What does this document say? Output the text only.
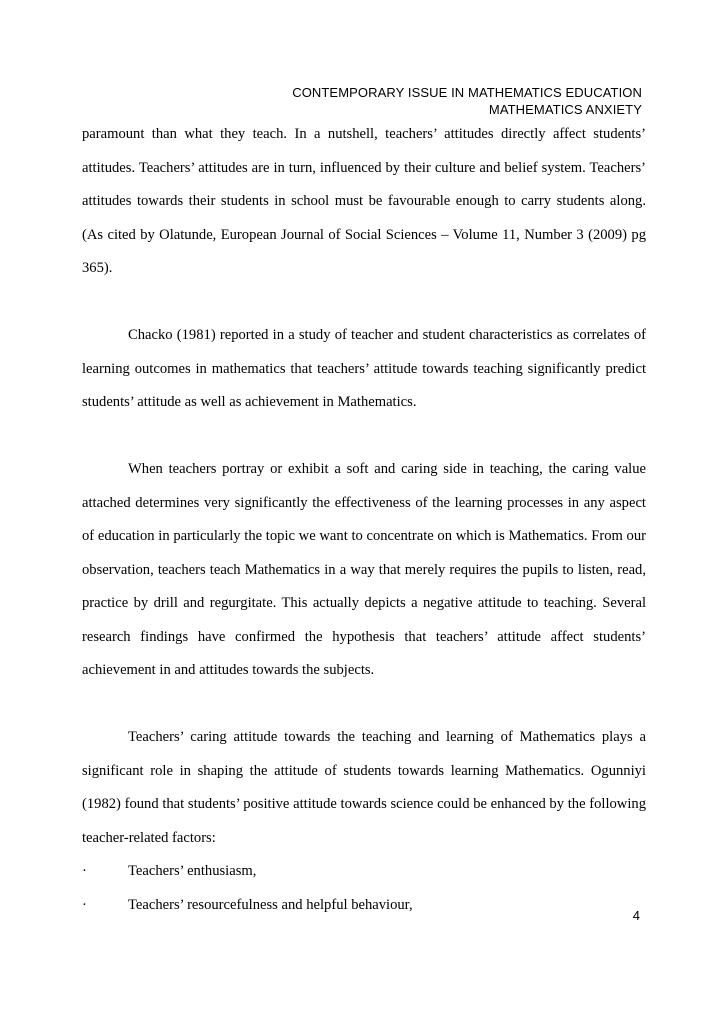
CONTEMPORARY ISSUE IN MATHEMATICS EDUCATION
MATHEMATICS ANXIETY

paramount than what they teach. In a nutshell, teachers’ attitudes directly affect students’ attitudes. Teachers’ attitudes are in turn, influenced by their culture and belief system. Teachers’ attitudes towards their students in school must be favourable enough to carry students along. (As cited by Olatunde, European Journal of Social Sciences – Volume 11, Number 3 (2009) pg 365).

Chacko (1981) reported in a study of teacher and student characteristics as correlates of learning outcomes in mathematics that teachers’ attitude towards teaching significantly predict students’ attitude as well as achievement in Mathematics.

When teachers portray or exhibit a soft and caring side in teaching, the caring value attached determines very significantly the effectiveness of the learning processes in any aspect of education in particularly the topic we want to concentrate on which is Mathematics. From our observation, teachers teach Mathematics in a way that merely requires the pupils to listen, read, practice by drill and regurgitate. This actually depicts a negative attitude to teaching. Several research findings have confirmed the hypothesis that teachers’ attitude affect students’ achievement in and attitudes towards the subjects.

Teachers’ caring attitude towards the teaching and learning of Mathematics plays a significant role in shaping the attitude of students towards learning Mathematics. Ogunniyi (1982) found that students’ positive attitude towards science could be enhanced by the following teacher-related factors:

·	Teachers’ enthusiasm,
·	Teachers’ resourcefulness and helpful behaviour,
4
